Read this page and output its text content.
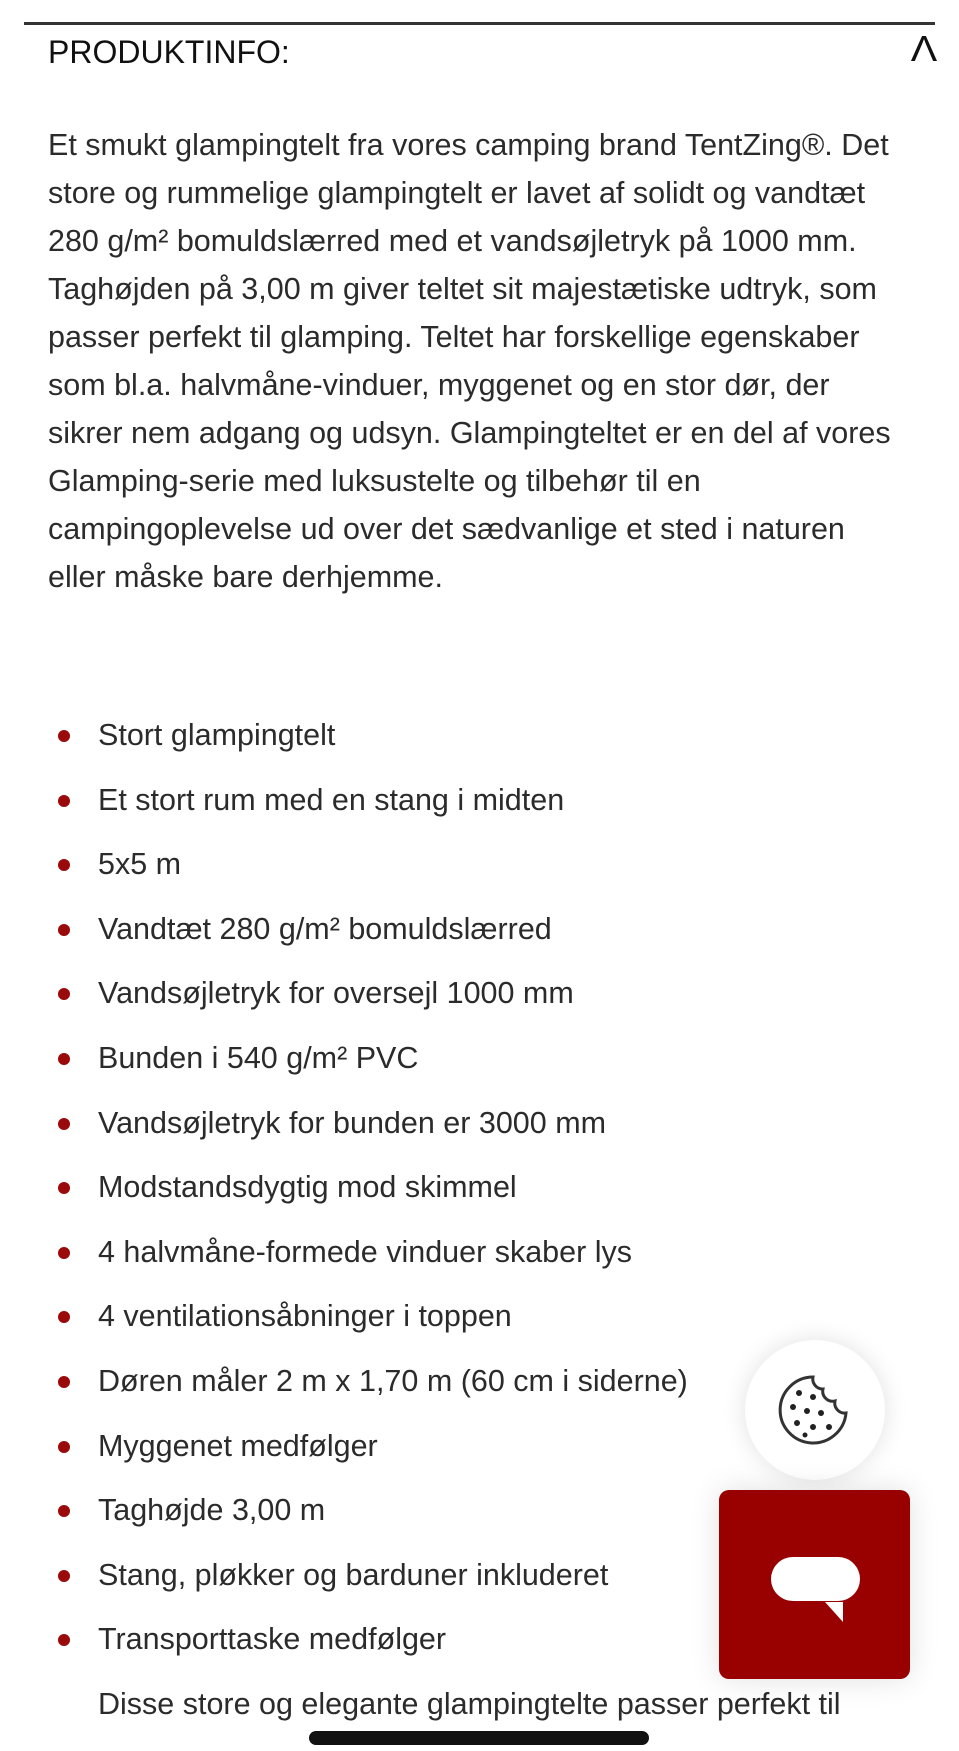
PRODUKTINFO:	Λ
Et smukt glampingtelt fra vores camping brand TentZing®. Det store og rummelige glampingtelt er lavet af solidt og vandtæt 280 g/m² bomuldslærred med et vandsøjletryk på 1000 mm. Taghøjden på 3,00 m giver teltet sit majestætiske udtryk, som passer perfekt til glamping. Teltet har forskellige egenskaber som bl.a. halvmåne-vinduer, myggenet og en stor dør, der sikrer nem adgang og udsyn. Glampingteltet er en del af vores Glamping-serie med luksustelte og tilbehør til en campingoplevelse ud over det sædvanlige et sted i naturen eller måske bare derhjemme.
Stort glampingtelt
Et stort rum med en stang i midten
5x5 m
Vandtæt 280 g/m² bomuldslærred
Vandsøjletryk for oversejl 1000 mm
Bunden i 540 g/m² PVC
Vandsøjletryk for bunden er 3000 mm
Modstandsdygtig mod skimmel
4 halvmåne-formede vinduer skaber lys
4 ventilationsåbninger i toppen
Døren måler 2 m x 1,70 m (60 cm i siderne)
Myggenet medfølger
Taghøjde 3,00 m
Stang, pløkker og barduner inkluderet
Transporttaske medfølger
Disse store og elegante glampingtelte passer perfekt til
